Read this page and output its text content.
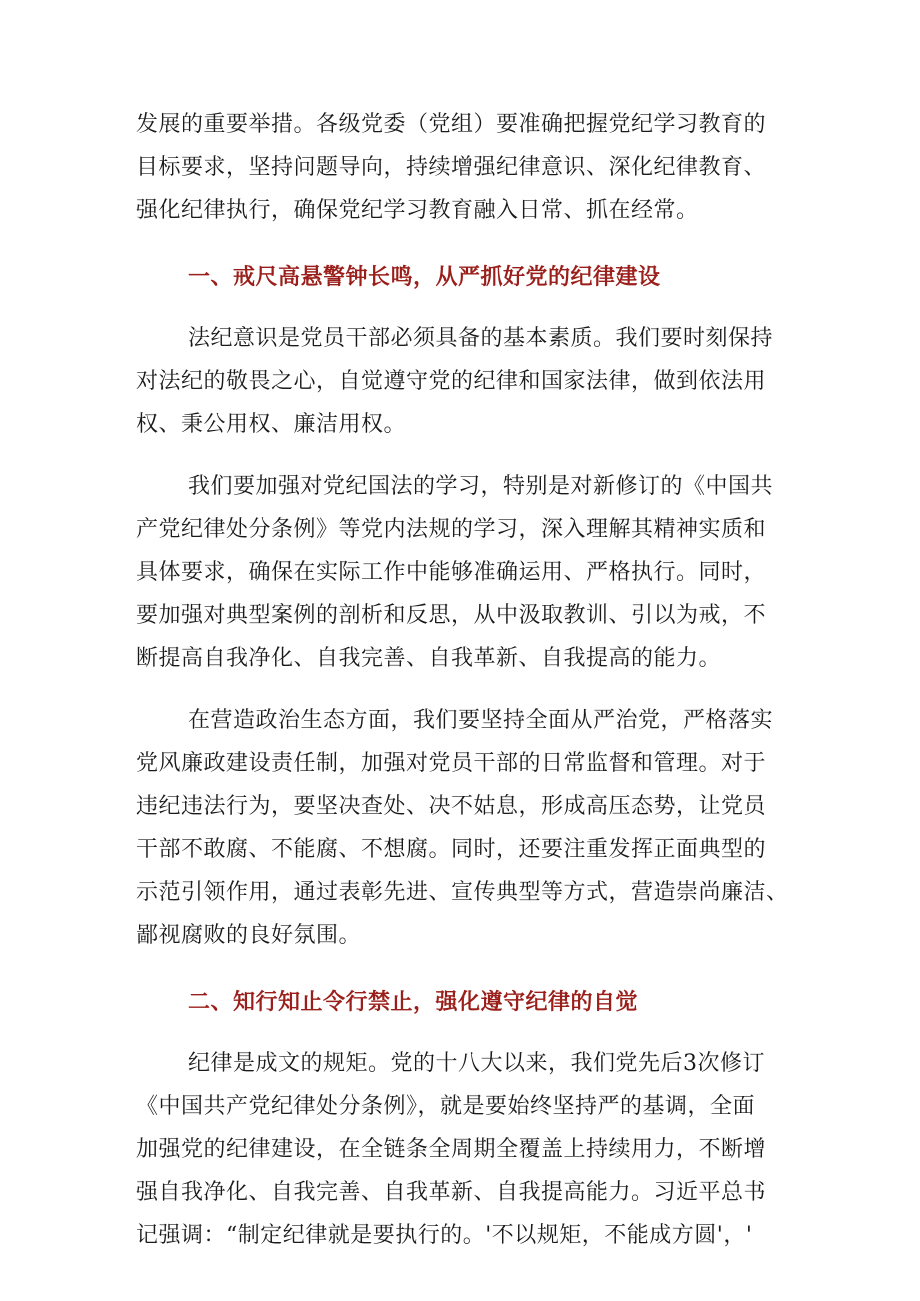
发展的重要举措。各级党委（党组）要准确把握党纪学习教育的
目标要求，坚持问题导向，持续增强纪律意识、深化纪律教育、
强化纪律执行，确保党纪学习教育融入日常、抓在经常。
一、戒尺高悬警钟长鸣，从严抓好党的纪律建设
法纪意识是党员干部必须具备的基本素质。我们要时刻保持
对法纪的敬畏之心，自觉遵守党的纪律和国家法律，做到依法用
权、秉公用权、廉洁用权。
我们要加强对党纪国法的学习，特别是对新修订的《中国共
产党纪律处分条例》等党内法规的学习，深入理解其精神实质和
具体要求，确保在实际工作中能够准确运用、严格执行。同时，
要加强对典型案例的剖析和反思，从中汲取教训、引以为戒，不
断提高自我净化、自我完善、自我革新、自我提高的能力。
在营造政治生态方面，我们要坚持全面从严治党，严格落实
党风廉政建设责任制，加强对党员干部的日常监督和管理。对于
违纪违法行为，要坚决查处、决不姑息，形成高压态势，让党员
干部不敢腐、不能腐、不想腐。同时，还要注重发挥正面典型的
示范引领作用，通过表彰先进、宣传典型等方式，营造崇尚廉洁、
鄙视腐败的良好氛围。
二、知行知止令行禁止，强化遵守纪律的自觉
纪律是成文的规矩。党的十八大以来，我们党先后3次修订
《中国共产党纪律处分条例》，就是要始终坚持严的基调，全面
加强党的纪律建设，在全链条全周期全覆盖上持续用力，不断增
强自我净化、自我完善、自我革新、自我提高能力。习近平总书
记强调：“制定纪律就是要执行的。'不以规矩，不能成方圆'，'
